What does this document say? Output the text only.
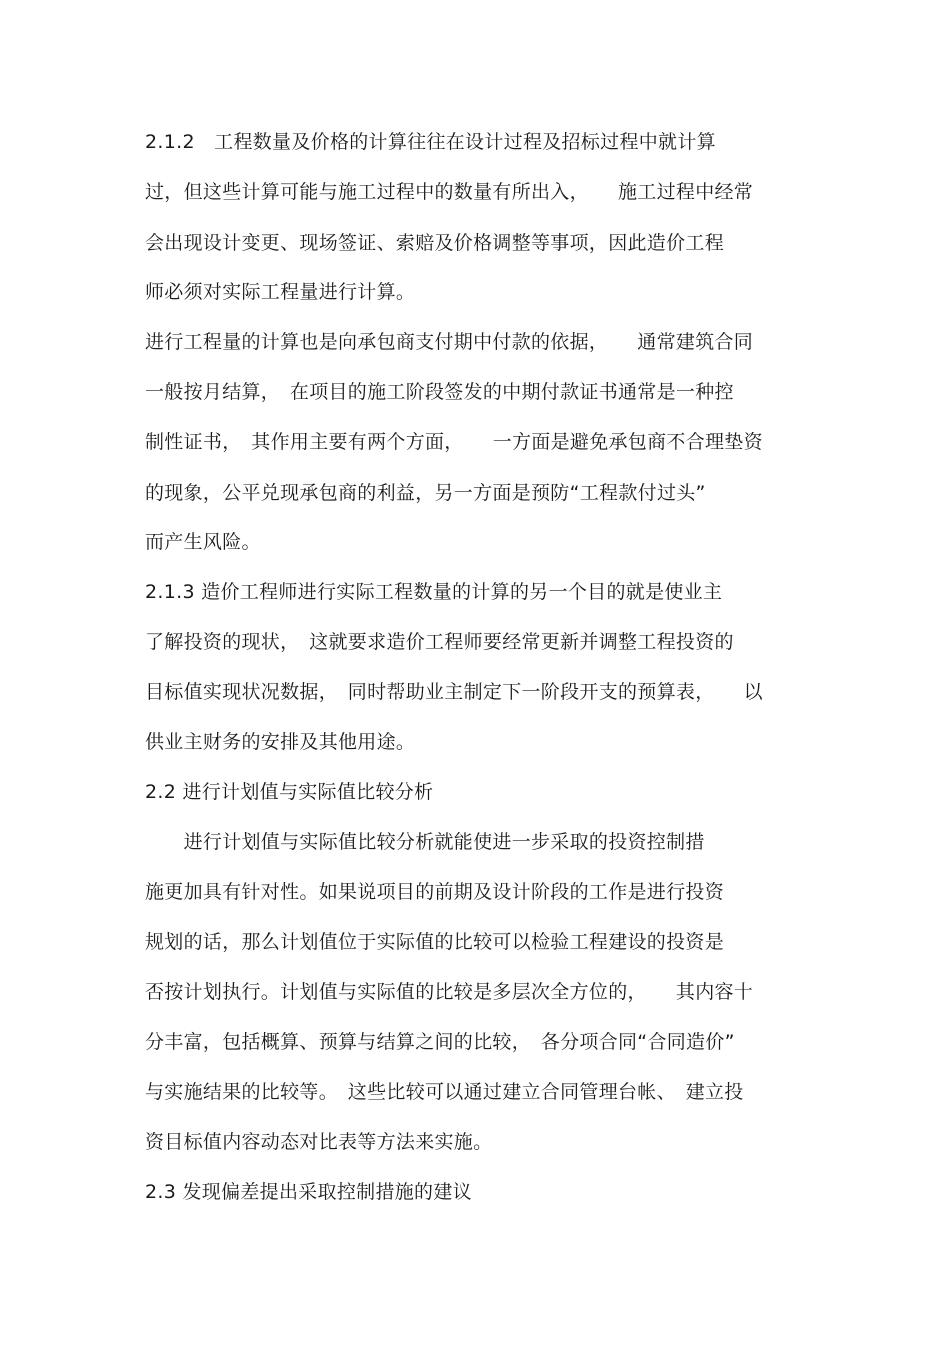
2.1.2　工程数量及价格的计算往往在设计过程及招标过程中就计算
过，但这些计算可能与施工过程中的数量有所出入，　　施工过程中经常
会出现设计变更、现场签证、索赔及价格调整等事项，因此造价工程
师必须对实际工程量进行计算。
进行工程量的计算也是向承包商支付期中付款的依据，　　通常建筑合同
一般按月结算，　在项目的施工阶段签发的中期付款证书通常是一种控
制性证书，　其作用主要有两个方面，　　一方面是避免承包商不合理垫资
的现象，公平兑现承包商的利益，另一方面是预防“工程款付过头”
而产生风险。
2.1.3 造价工程师进行实际工程数量的计算的另一个目的就是使业主
了解投资的现状，　这就要求造价工程师要经常更新并调整工程投资的
目标值实现状况数据，　同时帮助业主制定下一阶段开支的预算表，　　以
供业主财务的安排及其他用途。
2.2 进行计划值与实际值比较分析
　　进行计划值与实际值比较分析就能使进一步采取的投资控制措
施更加具有针对性。如果说项目的前期及设计阶段的工作是进行投资
规划的话，那么计划值位于实际值的比较可以检验工程建设的投资是
否按计划执行。计划值与实际值的比较是多层次全方位的，　　其内容十
分丰富，包括概算、预算与结算之间的比较，　各分项合同“合同造价”
与实施结果的比较等。　这些比较可以通过建立合同管理台帐、　建立投
资目标值内容动态对比表等方法来实施。
2.3 发现偏差提出采取控制措施的建议
